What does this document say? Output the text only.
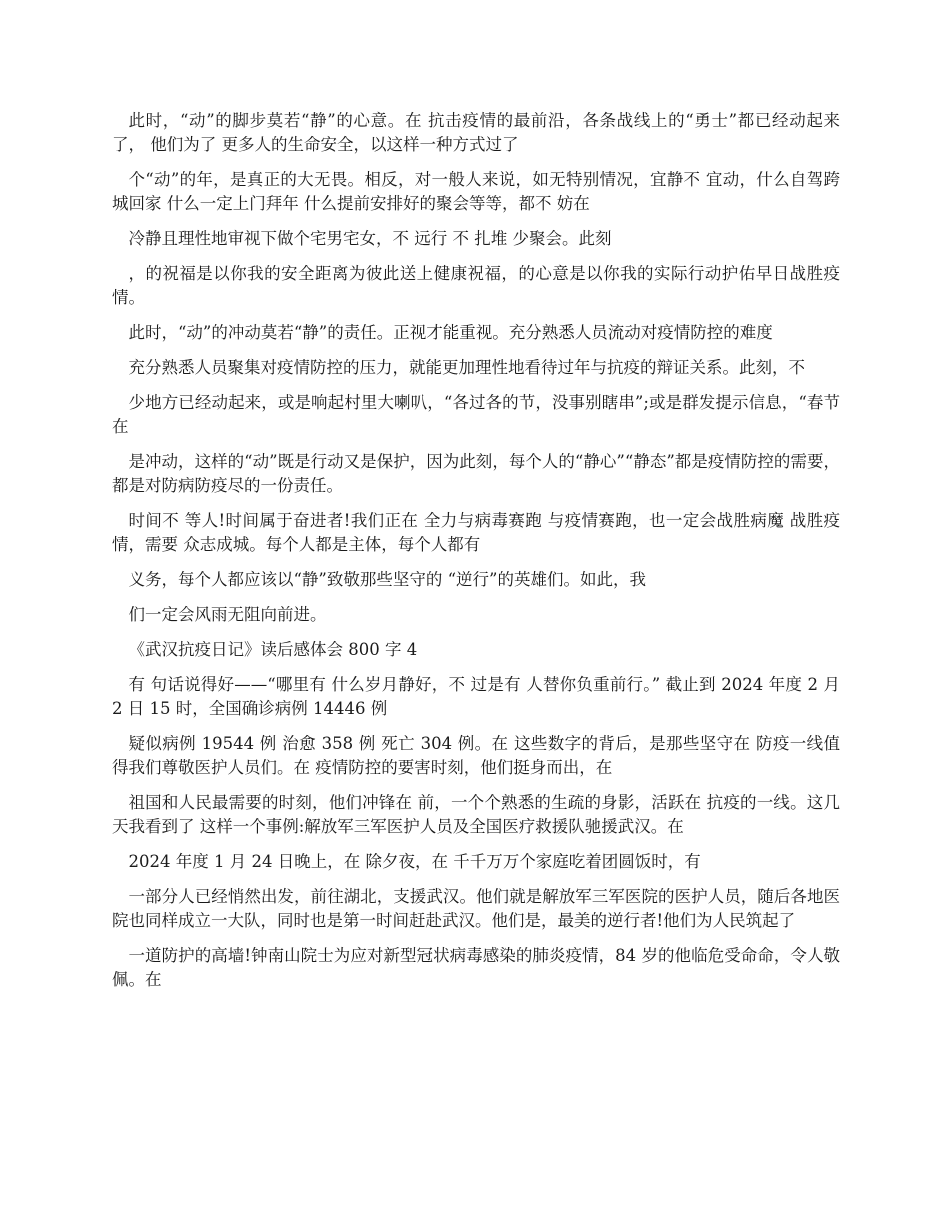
此时，“动”的脚步莫若“静”的心意。在 抗击疫情的最前沿，各条战线上的“勇士”都已经动起来了， 他们为了 更多人的生命安全，以这样一种方式过了

个“动”的年，是真正的大无畏。相反，对一般人来说，如无特别情况，宜静不 宜动，什么自驾跨城回家 什么一定上门拜年 什么提前安排好的聚会等等，都不 妨在

冷静且理性地审视下做个宅男宅女，不 远行 不 扎堆 少聚会。此刻

，的祝福是以你我的安全距离为彼此送上健康祝福，的心意是以你我的实际行动护佑早日战胜疫情。

此时，“动”的冲动莫若“静”的责任。正视才能重视。充分熟悉人员流动对疫情防控的难度

充分熟悉人员聚集对疫情防控的压力，就能更加理性地看待过年与抗疫的辩证关系。此刻，不

少地方已经动起来，或是响起村里大喇叭，“各过各的节，没事别瞎串”;或是群发提示信息，“春节在

是冲动，这样的“动”既是行动又是保护，因为此刻，每个人的“静心”“静态”都是疫情防控的需要，都是对防病防疫尽的一份责任。

时间不 等人!时间属于奋进者!我们正在 全力与病毒赛跑 与疫情赛跑，也一定会战胜病魔 战胜疫情，需要 众志成城。每个人都是主体，每个人都有

义务，每个人都应该以“静”致敬那些坚守的 “逆行”的英雄们。如此，我

们一定会风雨无阻向前进。

《武汉抗疫日记》读后感体会 800 字 4

有 句话说得好——“哪里有 什么岁月静好，不 过是有 人替你负重前行。” 截止到 2024 年度 2 月 2 日 15 时，全国确诊病例 14446 例

疑似病例 19544 例 治愈 358 例 死亡 304 例。在 这些数字的背后，是那些坚守在 防疫一线值得我们尊敬医护人员们。在 疫情防控的要害时刻，他们挺身而出，在

祖国和人民最需要的时刻，他们冲锋在 前，一个个熟悉的生疏的身影，活跃在 抗疫的一线。这几天我看到了 这样一个事例:解放军三军医护人员及全国医疗救援队驰援武汉。在

2024 年度 1 月 24 日晚上，在 除夕夜，在 千千万万个家庭吃着团圆饭时，有

一部分人已经悄然出发，前往湖北，支援武汉。他们就是解放军三军医院的医护人员，随后各地医院也同样成立一大队，同时也是第一时间赶赴武汉。他们是，最美的逆行者!他们为人民筑起了

一道防护的高墙!钟南山院士为应对新型冠状病毒感染的肺炎疫情，84 岁的他临危受命命，令人敬佩。在
